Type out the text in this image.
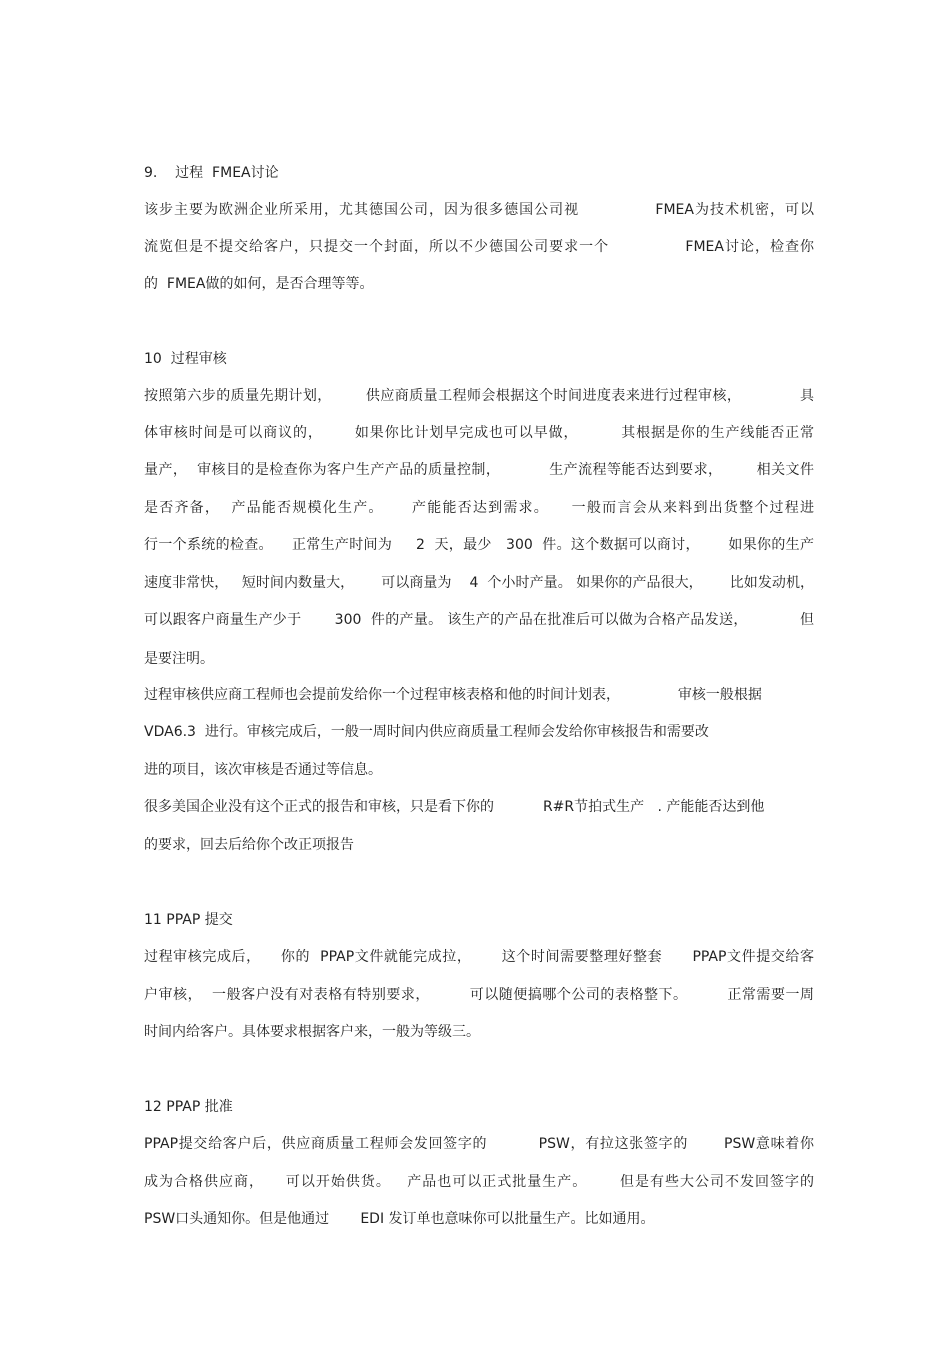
9.    过程  FMEA讨论
该步主要为欧洲企业所采用，尤其德国公司，因为很多德国公司视              FMEA为技术机密，可以
流览但是不提交给客户，只提交一个封面，所以不少德国公司要求一个              FMEA讨论，检查你
的  FMEA做的如何，是否合理等等。
10  过程审核
按照第六步的质量先期计划，       供应商质量工程师会根据这个时间进度表来进行过程审核，            具
体审核时间是可以商议的，      如果你比计划早完成也可以早做，        其根据是你的生产线能否正常
量产，  审核目的是检查你为客户生产产品的质量控制，          生产流程等能否达到要求，       相关文件
是否齐备，  产品能否规模化生产。     产能能否达到需求。    一般而言会从来料到出货整个过程进
行一个系统的检查。    正常生产时间为     2  天，最少   300  件。这个数据可以商讨，      如果你的生产
速度非常快，   短时间内数量大，      可以商量为    4  个小时产量。 如果你的产品很大，      比如发动机，
可以跟客户商量生产少于       300  件的产量。 该生产的产品在批准后可以做为合格产品发送，           但
是要注明。
过程审核供应商工程师也会提前发给你一个过程审核表格和他的时间计划表，             审核一般根据
VDA6.3  进行。审核完成后，一般一周时间内供应商质量工程师会发给你审核报告和需要改
进的项目，该次审核是否通过等信息。
很多美国企业没有这个正式的报告和审核，只是看下你的           R#R节拍式生产   . 产能能否达到他
的要求，回去后给你个改正项报告
11 PPAP 提交
过程审核完成后，    你的  PPAP文件就能完成拉，      这个时间需要整理好整套      PPAP文件提交给客
户审核，  一般客户没有对表格有特别要求，        可以随便搞哪个公司的表格整下。        正常需要一周
时间内给客户。具体要求根据客户来，一般为等级三。
12 PPAP 批准
PPAP提交给客户后，供应商质量工程师会发回签字的          PSW，有拉这张签字的       PSW意味着你
成为合格供应商，    可以开始供货。   产品也可以正式批量生产。      但是有些大公司不发回签字的
PSW口头通知你。但是他通过       EDI 发订单也意味你可以批量生产。比如通用。
